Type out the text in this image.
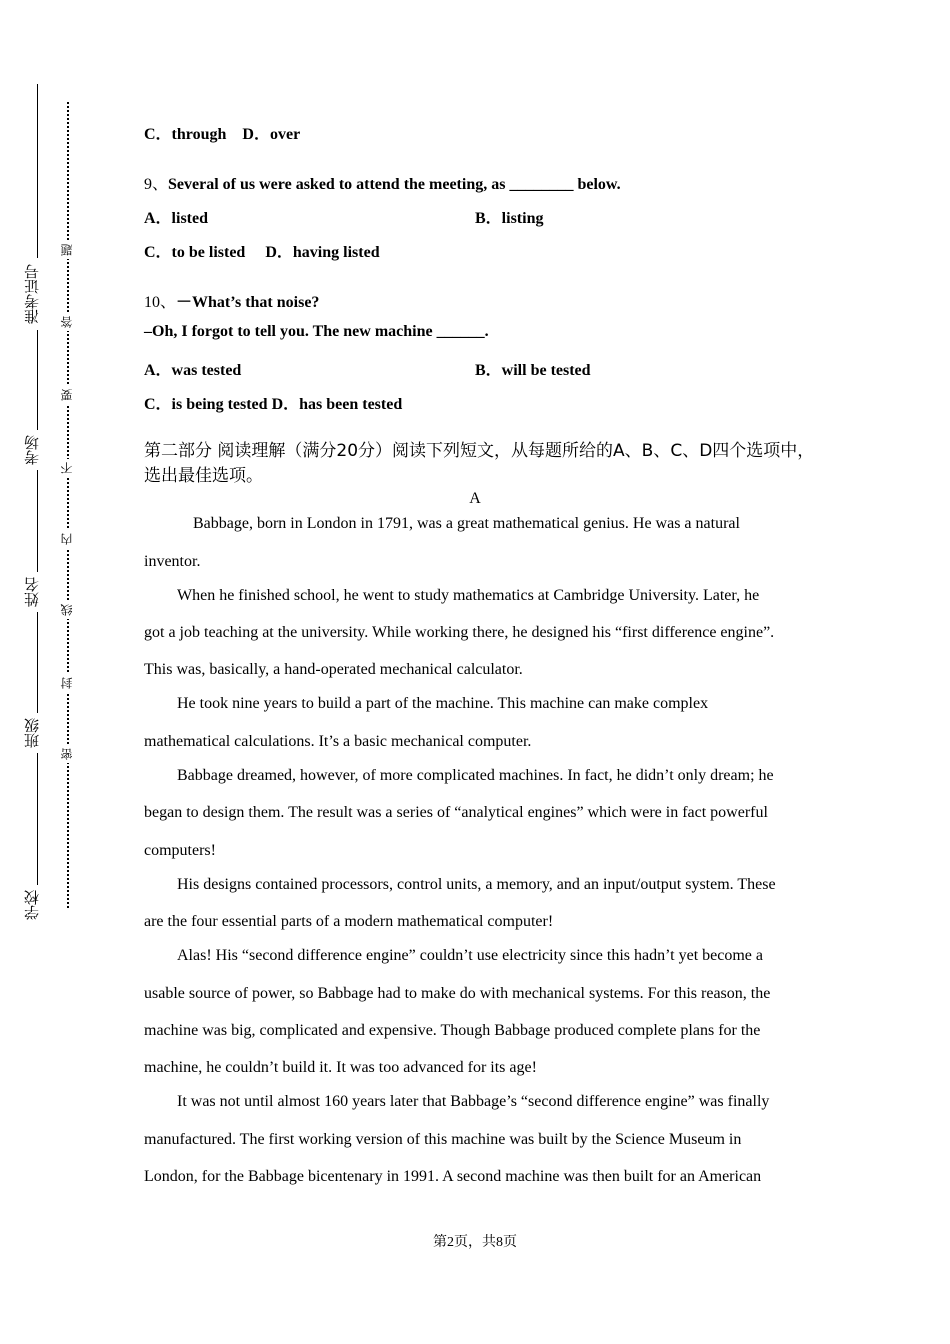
准考证号
考场
姓名
班级
学校
题
答
要
不
内
线
封
密
C．through D．over
9、Several of us were asked to attend the meeting, as ________ below.
A．listed	B．listing
C．to be listed D．having listed
10、－What’s that noise?
–Oh, I forgot to tell you. The new machine ______.
A．was tested	B．will be tested
C．is being tested D．has been tested
第二部分 阅读理解（满分20分）阅读下列短文，从每题所给的A、B、C、D四个选项中，选出最佳选项。
A
Babbage, born in London in 1791, was a great mathematical genius. He was a natural
inventor.
When he finished school, he went to study mathematics at Cambridge University. Later, he
got a job teaching at the university. While working there, he designed his “first difference engine”.
This was, basically, a hand-operated mechanical calculator.
He took nine years to build a part of the machine. This machine can make complex
mathematical calculations. It’s a basic mechanical computer.
Babbage dreamed, however, of more complicated machines. In fact, he didn’t only dream; he
began to design them. The result was a series of “analytical engines” which were in fact powerful
computers!
His designs contained processors, control units, a memory, and an input/output system. These
are the four essential parts of a modern mathematical computer!
Alas! His “second difference engine” couldn’t use electricity since this hadn’t yet become a
usable source of power, so Babbage had to make do with mechanical systems. For this reason, the
machine was big, complicated and expensive. Though Babbage produced complete plans for the
machine, he couldn’t build it. It was too advanced for its age!
It was not until almost 160 years later that Babbage’s “second difference engine” was finally
manufactured. The first working version of this machine was built by the Science Museum in
London, for the Babbage bicentenary in 1991. A second machine was then built for an American
第2页，共8页
